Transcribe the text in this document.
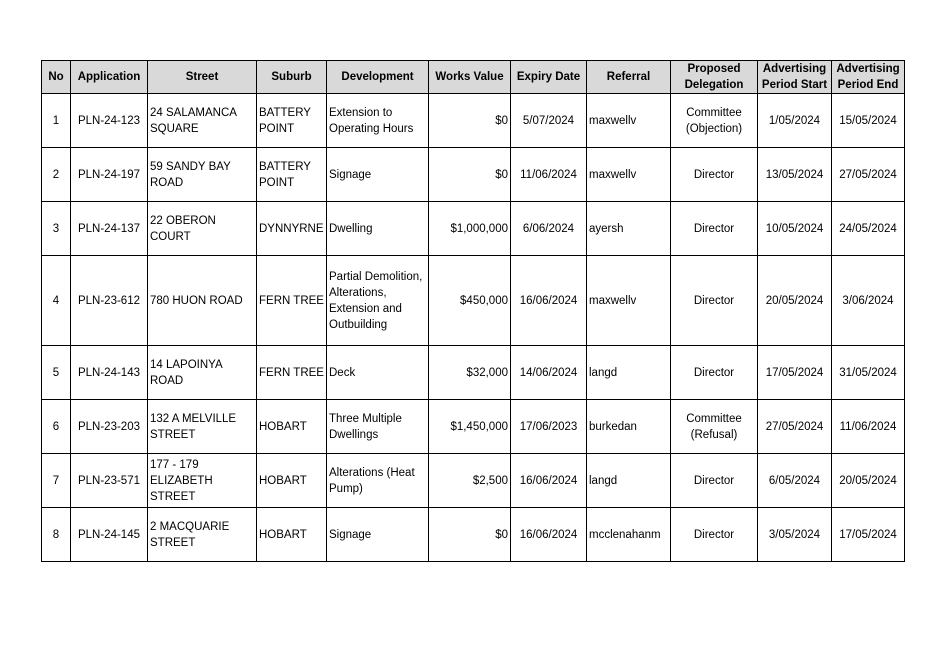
No	Application	Street	Suburb	Development	Works Value	Expiry Date	Referral	Proposed Delegation	Advertising Period Start	Advertising Period End
1	PLN-24-123	24 SALAMANCA SQUARE	BATTERY POINT	Extension to Operating Hours	$0	5/07/2024	maxwellv	Committee (Objection)	1/05/2024	15/05/2024
2	PLN-24-197	59 SANDY BAY ROAD	BATTERY POINT	Signage	$0	11/06/2024	maxwellv	Director	13/05/2024	27/05/2024
3	PLN-24-137	22 OBERON COURT	DYNNYRNE	Dwelling	$1,000,000	6/06/2024	ayersh	Director	10/05/2024	24/05/2024
4	PLN-23-612	780 HUON ROAD	FERN TREE	Partial Demolition, Alterations, Extension and Outbuilding	$450,000	16/06/2024	maxwellv	Director	20/05/2024	3/06/2024
5	PLN-24-143	14 LAPOINYA ROAD	FERN TREE	Deck	$32,000	14/06/2024	langd	Director	17/05/2024	31/05/2024
6	PLN-23-203	132 A MELVILLE STREET	HOBART	Three Multiple Dwellings	$1,450,000	17/06/2023	burkedan	Committee (Refusal)	27/05/2024	11/06/2024
7	PLN-23-571	177 - 179 ELIZABETH STREET	HOBART	Alterations (Heat Pump)	$2,500	16/06/2024	langd	Director	6/05/2024	20/05/2024
8	PLN-24-145	2 MACQUARIE STREET	HOBART	Signage	$0	16/06/2024	mcclenahanm	Director	3/05/2024	17/05/2024
